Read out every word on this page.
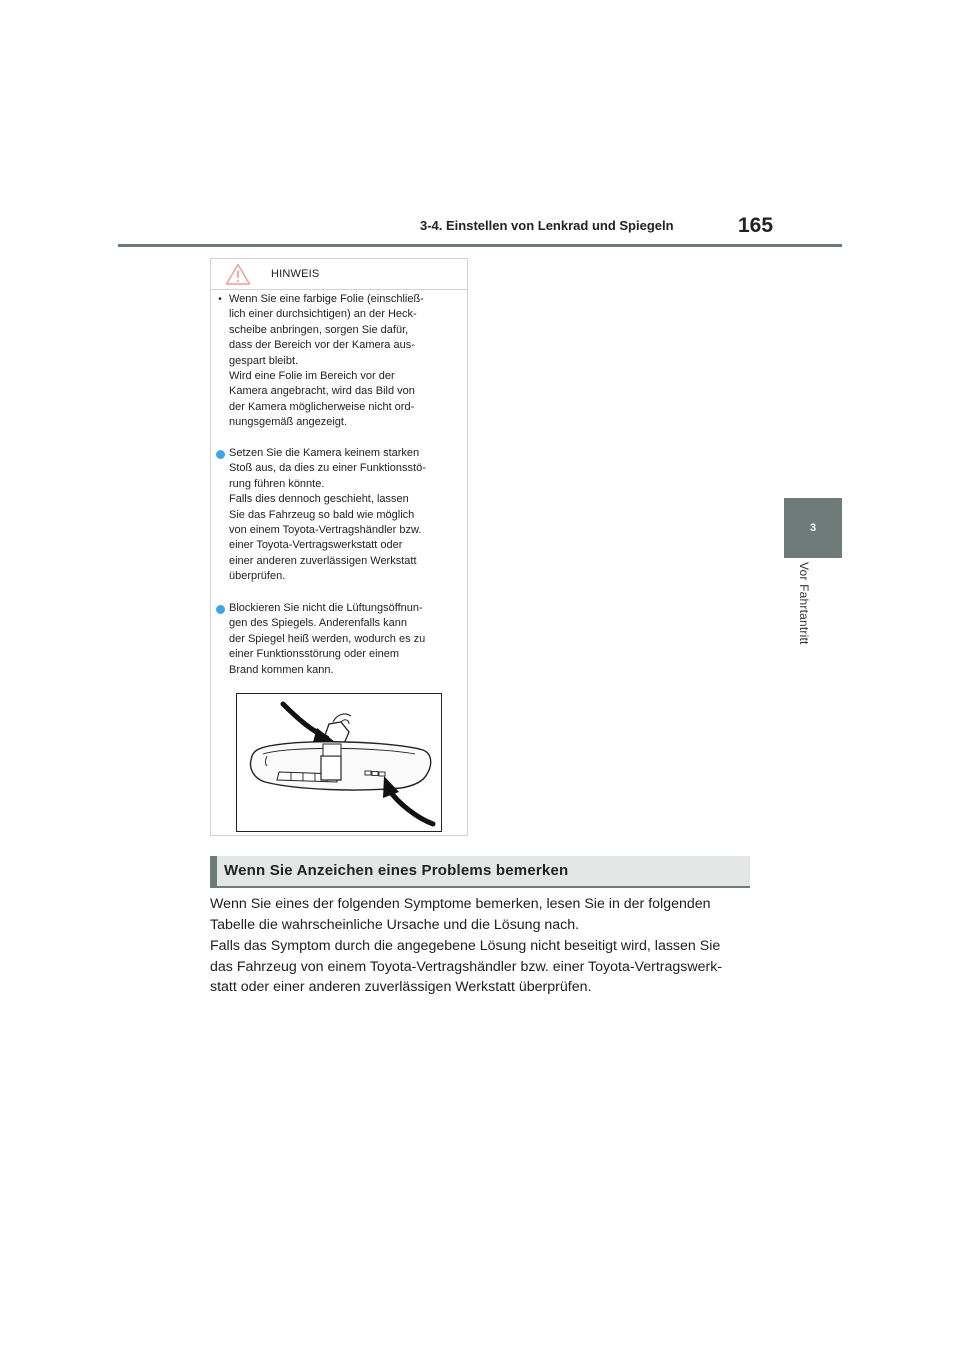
3-4. Einstellen von Lenkrad und Spiegeln	165
3
Vor Fahrtantritt
HINWEIS
• Wenn Sie eine farbige Folie (einschließ-
lich einer durchsichtigen) an der Heck-
scheibe anbringen, sorgen Sie dafür,
dass der Bereich vor der Kamera aus-
gespart bleibt.
Wird eine Folie im Bereich vor der
Kamera angebracht, wird das Bild von
der Kamera möglicherweise nicht ord-
nungsgemäß angezeigt.
Setzen Sie die Kamera keinem starken
Stoß aus, da dies zu einer Funktionsstö-
rung führen könnte.
Falls dies dennoch geschieht, lassen
Sie das Fahrzeug so bald wie möglich
von einem Toyota-Vertragshändler bzw.
einer Toyota-Vertragswerkstatt oder
einer anderen zuverlässigen Werkstatt
überprüfen.
Blockieren Sie nicht die Lüftungsöffnun-
gen des Spiegels. Anderenfalls kann
der Spiegel heiß werden, wodurch es zu
einer Funktionsstörung oder einem
Brand kommen kann.
Wenn Sie Anzeichen eines Problems bemerken

Wenn Sie eines der folgenden Symptome bemerken, lesen Sie in der folgenden
Tabelle die wahrscheinliche Ursache und die Lösung nach.

Falls das Symptom durch die angegebene Lösung nicht beseitigt wird, lassen Sie
das Fahrzeug von einem Toyota-Vertragshändler bzw. einer Toyota-Vertragswerk-
statt oder einer anderen zuverlässigen Werkstatt überprüfen.
